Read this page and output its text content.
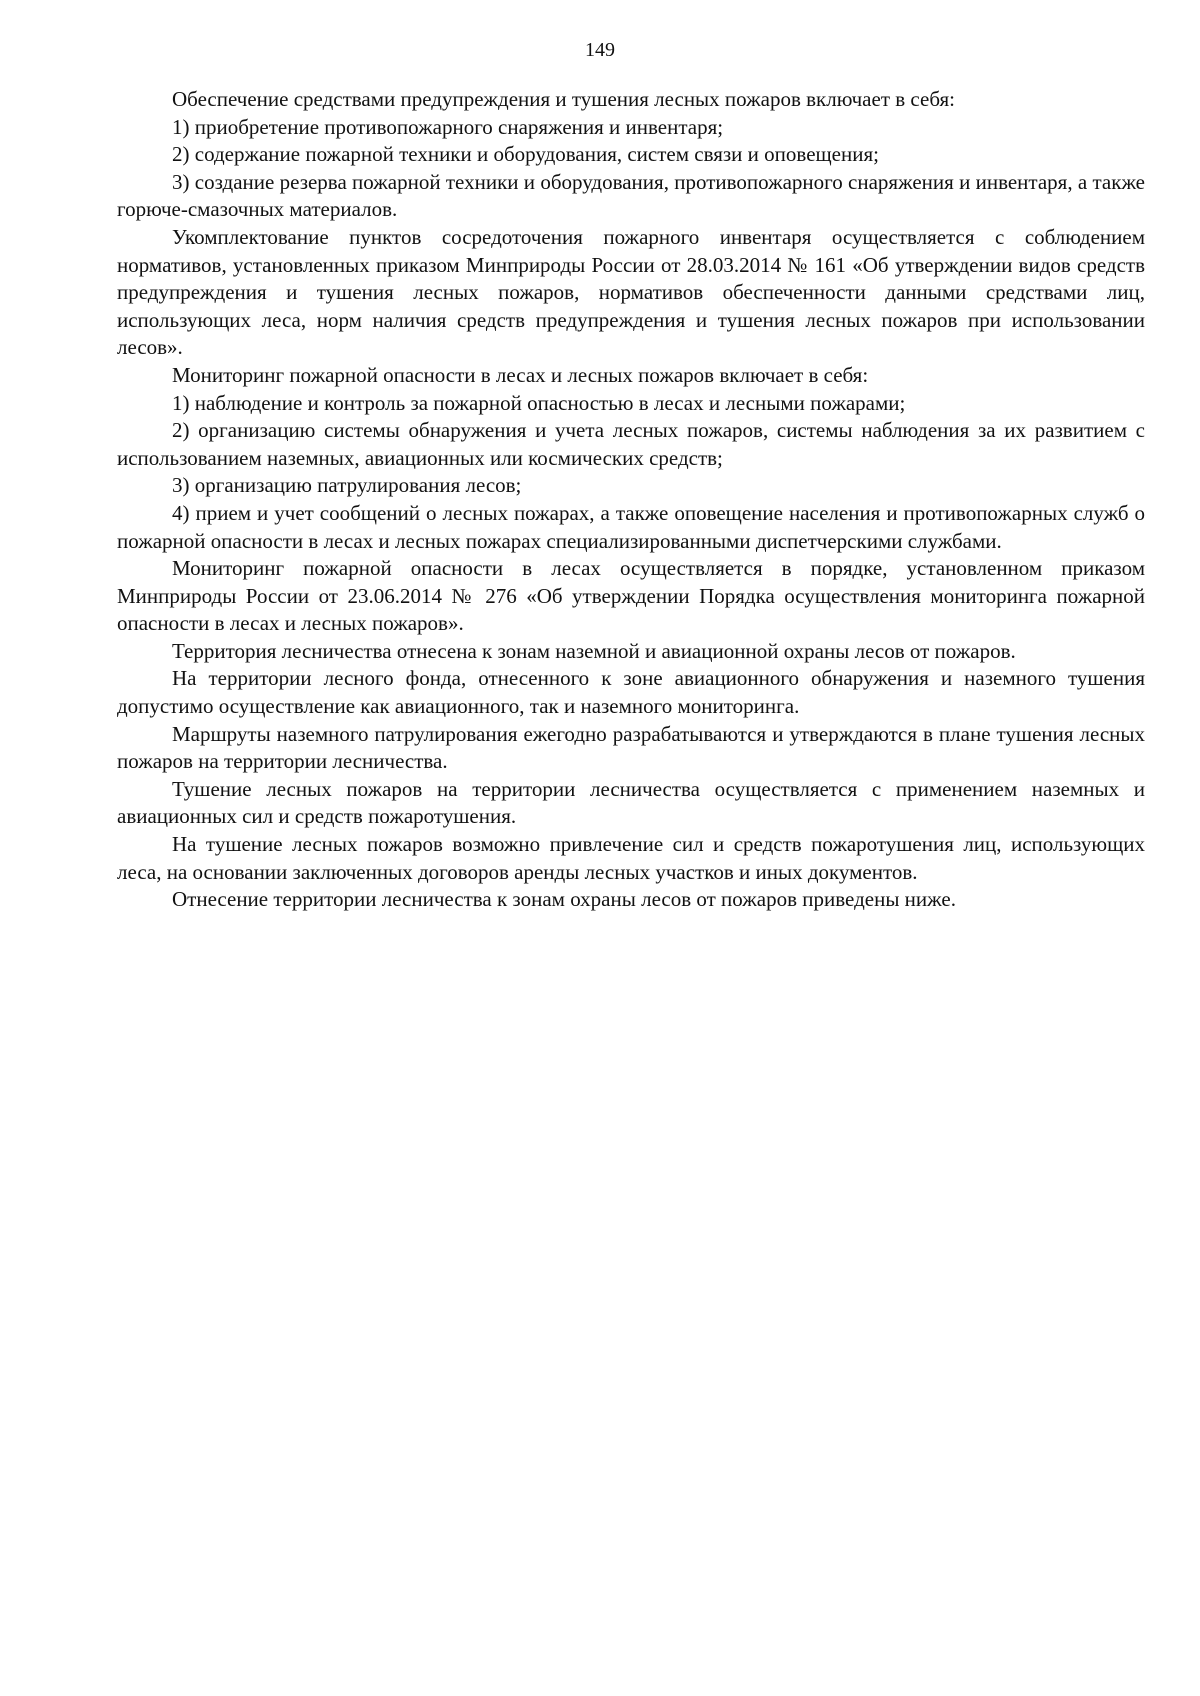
149

Обеспечение средствами предупреждения и тушения лесных пожаров включает в себя:

1) приобретение противопожарного снаряжения и инвентаря;

2) содержание пожарной техники и оборудования, систем связи и оповещения;

3) создание резерва пожарной техники и оборудования, противопожарного снаряжения и инвентаря, а также горюче-смазочных материалов.

Укомплектование пунктов сосредоточения пожарного инвентаря осуществляется с соблюдением нормативов, установленных приказом Минприроды России от 28.03.2014 № 161 «Об утверждении видов средств предупреждения и тушения лесных пожаров, нормативов обеспеченности данными средствами лиц, использующих леса, норм наличия средств предупреждения и тушения лесных пожаров при использовании лесов».

Мониторинг пожарной опасности в лесах и лесных пожаров включает в себя:

1) наблюдение и контроль за пожарной опасностью в лесах и лесными пожарами;

2) организацию системы обнаружения и учета лесных пожаров, системы наблюдения за их развитием с использованием наземных, авиационных или космических средств;

3) организацию патрулирования лесов;

4) прием и учет сообщений о лесных пожарах, а также оповещение населения и противопожарных служб о пожарной опасности в лесах и лесных пожарах специализированными диспетчерскими службами.

Мониторинг пожарной опасности в лесах осуществляется в порядке, установленном приказом Минприроды России от 23.06.2014 № 276 «Об утверждении Порядка осуществления мониторинга пожарной опасности в лесах и лесных пожаров».

Территория лесничества отнесена к зонам наземной и авиационной охраны лесов от пожаров.

На территории лесного фонда, отнесенного к зоне авиационного обнаружения и наземного тушения допустимо осуществление как авиационного, так и наземного мониторинга.

Маршруты наземного патрулирования ежегодно разрабатываются и утверждаются в плане тушения лесных пожаров на территории лесничества.

Тушение лесных пожаров на территории лесничества осуществляется с применением наземных и авиационных сил и средств пожаротушения.

На тушение лесных пожаров возможно привлечение сил и средств пожаротушения лиц, использующих леса, на основании заключенных договоров аренды лесных участков и иных документов.

Отнесение территории лесничества к зонам охраны лесов от пожаров приведены ниже.
